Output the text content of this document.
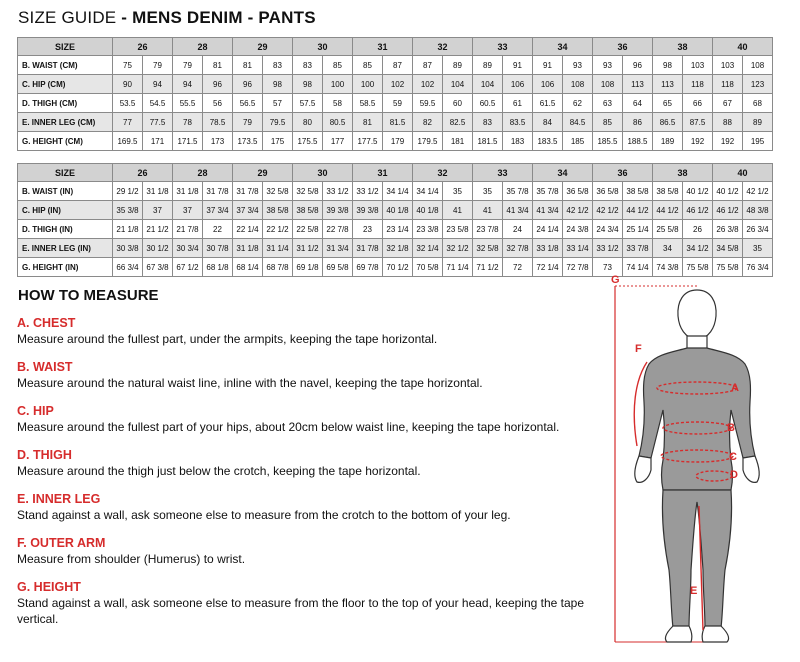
SIZE GUIDE - MENS DENIM - PANTS
SIZE	26		28		29		30		31		32		33		34		36		38		40	
B. WAIST (CM)	75	79	79	81	81	83	83	85	85	87	87	89	89	91	91	93	93	96	98	103	103	108
C. HIP (CM)	90	94	94	96	96	98	98	100	100	102	102	104	104	106	106	108	108	113	113	118	118	123
D. THIGH (CM)	53.5	54.5	55.5	56	56.5	57	57.5	58	58.5	59	59.5	60	60.5	61	61.5	62	63	64	65	66	67	68
E. INNER LEG (CM)	77	77.5	78	78.5	79	79.5	80	80.5	81	81.5	82	82.5	83	83.5	84	84.5	85	86	86.5	87.5	88	89
G. HEIGHT (CM)	169.5	171	171.5	173	173.5	175	175.5	177	177.5	179	179.5	181	181.5	183	183.5	185	185.5	188.5	189	192	192	195
SIZE	26		28		29		30		31		32		33		34		36		38		40	
B. WAIST (IN)	29 1/2	31 1/8	31 1/8	31 7/8	31 7/8	32 5/8	32 5/8	33 1/2	33 1/2	34 1/4	34 1/4	35	35	35 7/8	35 7/8	36 5/8	36 5/8	38 5/8	38 5/8	40 1/2	40 1/2	42 1/2
C. HIP (IN)	35 3/8	37	37	37 3/4	37 3/4	38 5/8	38 5/8	39 3/8	39 3/8	40 1/8	40 1/8	41	41	41 3/4	41 3/4	42 1/2	42 1/2	44 1/2	44 1/2	46 1/2	46 1/2	48 3/8
D. THIGH (IN)	21 1/8	21 1/2	21 7/8	22	22 1/4	22 1/2	22 5/8	22 7/8	23	23 1/4	23 3/8	23 5/8	23 7/8	24	24 1/4	24 3/8	24 3/4	25 1/4	25 5/8	26	26 3/8	26 3/4
E. INNER LEG (IN)	30 3/8	30 1/2	30 3/4	30 7/8	31 1/8	31 1/4	31 1/2	31 3/4	31 7/8	32 1/8	32 1/4	32 1/2	32 5/8	32 7/8	33 1/8	33 1/4	33 1/2	33 7/8	34	34 1/2	34 5/8	35
G. HEIGHT (IN)	66 3/4	67 3/8	67 1/2	68 1/8	68 1/4	68 7/8	69 1/8	69 5/8	69 7/8	70 1/2	70 5/8	71 1/4	71 1/2	72	72 1/4	72 7/8	73	74 1/4	74 3/8	75 5/8	75 5/8	76 3/4
HOW TO MEASURE
A. CHEST
Measure around the fullest part, under the armpits, keeping the tape horizontal.
B. WAIST
Measure around the natural waist line, inline with the navel, keeping the tape horizontal.
C. HIP
Measure around the fullest part of your hips, about 20cm below waist line, keeping the tape horizontal.
D. THIGH
Measure around the thigh just below the crotch, keeping the tape horizontal.
E. INNER LEG
Stand against a wall, ask someone else to measure from the crotch to the bottom of your leg.
F. OUTER ARM
Measure from shoulder (Humerus) to wrist.
G. HEIGHT
Stand against a wall, ask someone else to measure from the floor to the top of your head, keeping the tape vertical.
G
F
A
B
C
D
E
